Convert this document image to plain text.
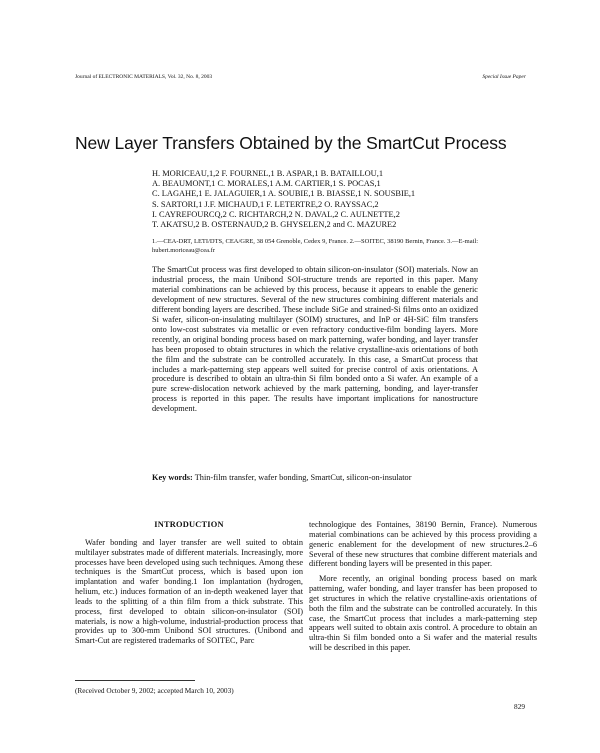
Journal of ELECTRONIC MATERIALS, Vol. 32, No. 8, 2003	Special Issue Paper
New Layer Transfers Obtained by the SmartCut Process
H. MORICEAU,1,2 F. FOURNEL,1 B. ASPAR,1 B. BATAILLOU,1
A. BEAUMONT,1 C. MORALES,1 A.M. CARTIER,1 S. POCAS,1
C. LAGAHE,1 E. JALAGUIER,1 A. SOUBIE,1 B. BIASSE,1 N. SOUSBIE,1
S. SARTORI,1 J.F. MICHAUD,1 F. LETERTRE,2 O. RAYSSAC,2
I. CAYREFOURCQ,2 C. RICHTARCH,2 N. DAVAL,2 C. AULNETTE,2
T. AKATSU,2 B. OSTERNAUD,2 B. GHYSELEN,2 and C. MAZURE2
1.—CEA-DRT, LETI/DTS, CEA/GRE, 38 054 Grenoble, Cedex 9, France. 2.—SOITEC, 38190 Bernin, France. 3.—E-mail: hubert.moriceau@cea.fr
The SmartCut process was first developed to obtain silicon-on-insulator (SOI) materials. Now an industrial process, the main Unibond SOI-structure trends are reported in this paper. Many material combinations can be achieved by this process, because it appears to enable the generic development of new structures. Several of the new structures combining different materials and different bonding layers are described. These include SiGe and strained-Si films onto an oxidized Si wafer, silicon-on-insulating multilayer (SOIM) structures, and InP or 4H-SiC film transfers onto low-cost substrates via metallic or even refractory conductive-film bonding layers. More recently, an original bonding process based on mark patterning, wafer bonding, and layer transfer has been proposed to obtain structures in which the relative crystalline-axis orientations of both the film and the substrate can be controlled accurately. In this case, a SmartCut process that includes a mark-patterning step appears well suited for precise control of axis orientations. A procedure is described to obtain an ultra-thin Si film bonded onto a Si wafer. An example of a pure screw-dislocation network achieved by the mark patterning, bonding, and layer-transfer process is reported in this paper. The results have important implications for nanostructure development.
Key words: Thin-film transfer, wafer bonding, SmartCut, silicon-on-insulator
INTRODUCTION

Wafer bonding and layer transfer are well suited to obtain multilayer substrates made of different materials. Increasingly, more processes have been developed using such techniques. Among these techniques is the SmartCut process, which is based upon ion implantation and wafer bonding.1 Ion implantation (hydrogen, helium, etc.) induces formation of an in-depth weakened layer that leads to the splitting of a thin film from a thick substrate. This process, first developed to obtain silicon-on-insulator (SOI) materials, is now a high-volume, industrial-production process that provides up to 300-mm Unibond SOI structures. (Unibond and Smart-Cut are registered trademarks of SOITEC, Parc

technologique des Fontaines, 38190 Bernin, France). Numerous material combinations can be achieved by this process providing a generic enablement for the development of new structures.2–6 Several of these new structures that combine different materials and different bonding layers will be presented in this paper.

More recently, an original bonding process based on mark patterning, wafer bonding, and layer transfer has been proposed to get structures in which the relative crystalline-axis orientations of both the film and the substrate can be controlled accurately. In this case, the SmartCut process that includes a mark-patterning step appears well suited to obtain axis control. A procedure to obtain an ultra-thin Si film bonded onto a Si wafer and the material results will be described in this paper.

(Received October 9, 2002; accepted March 10, 2003)
829
